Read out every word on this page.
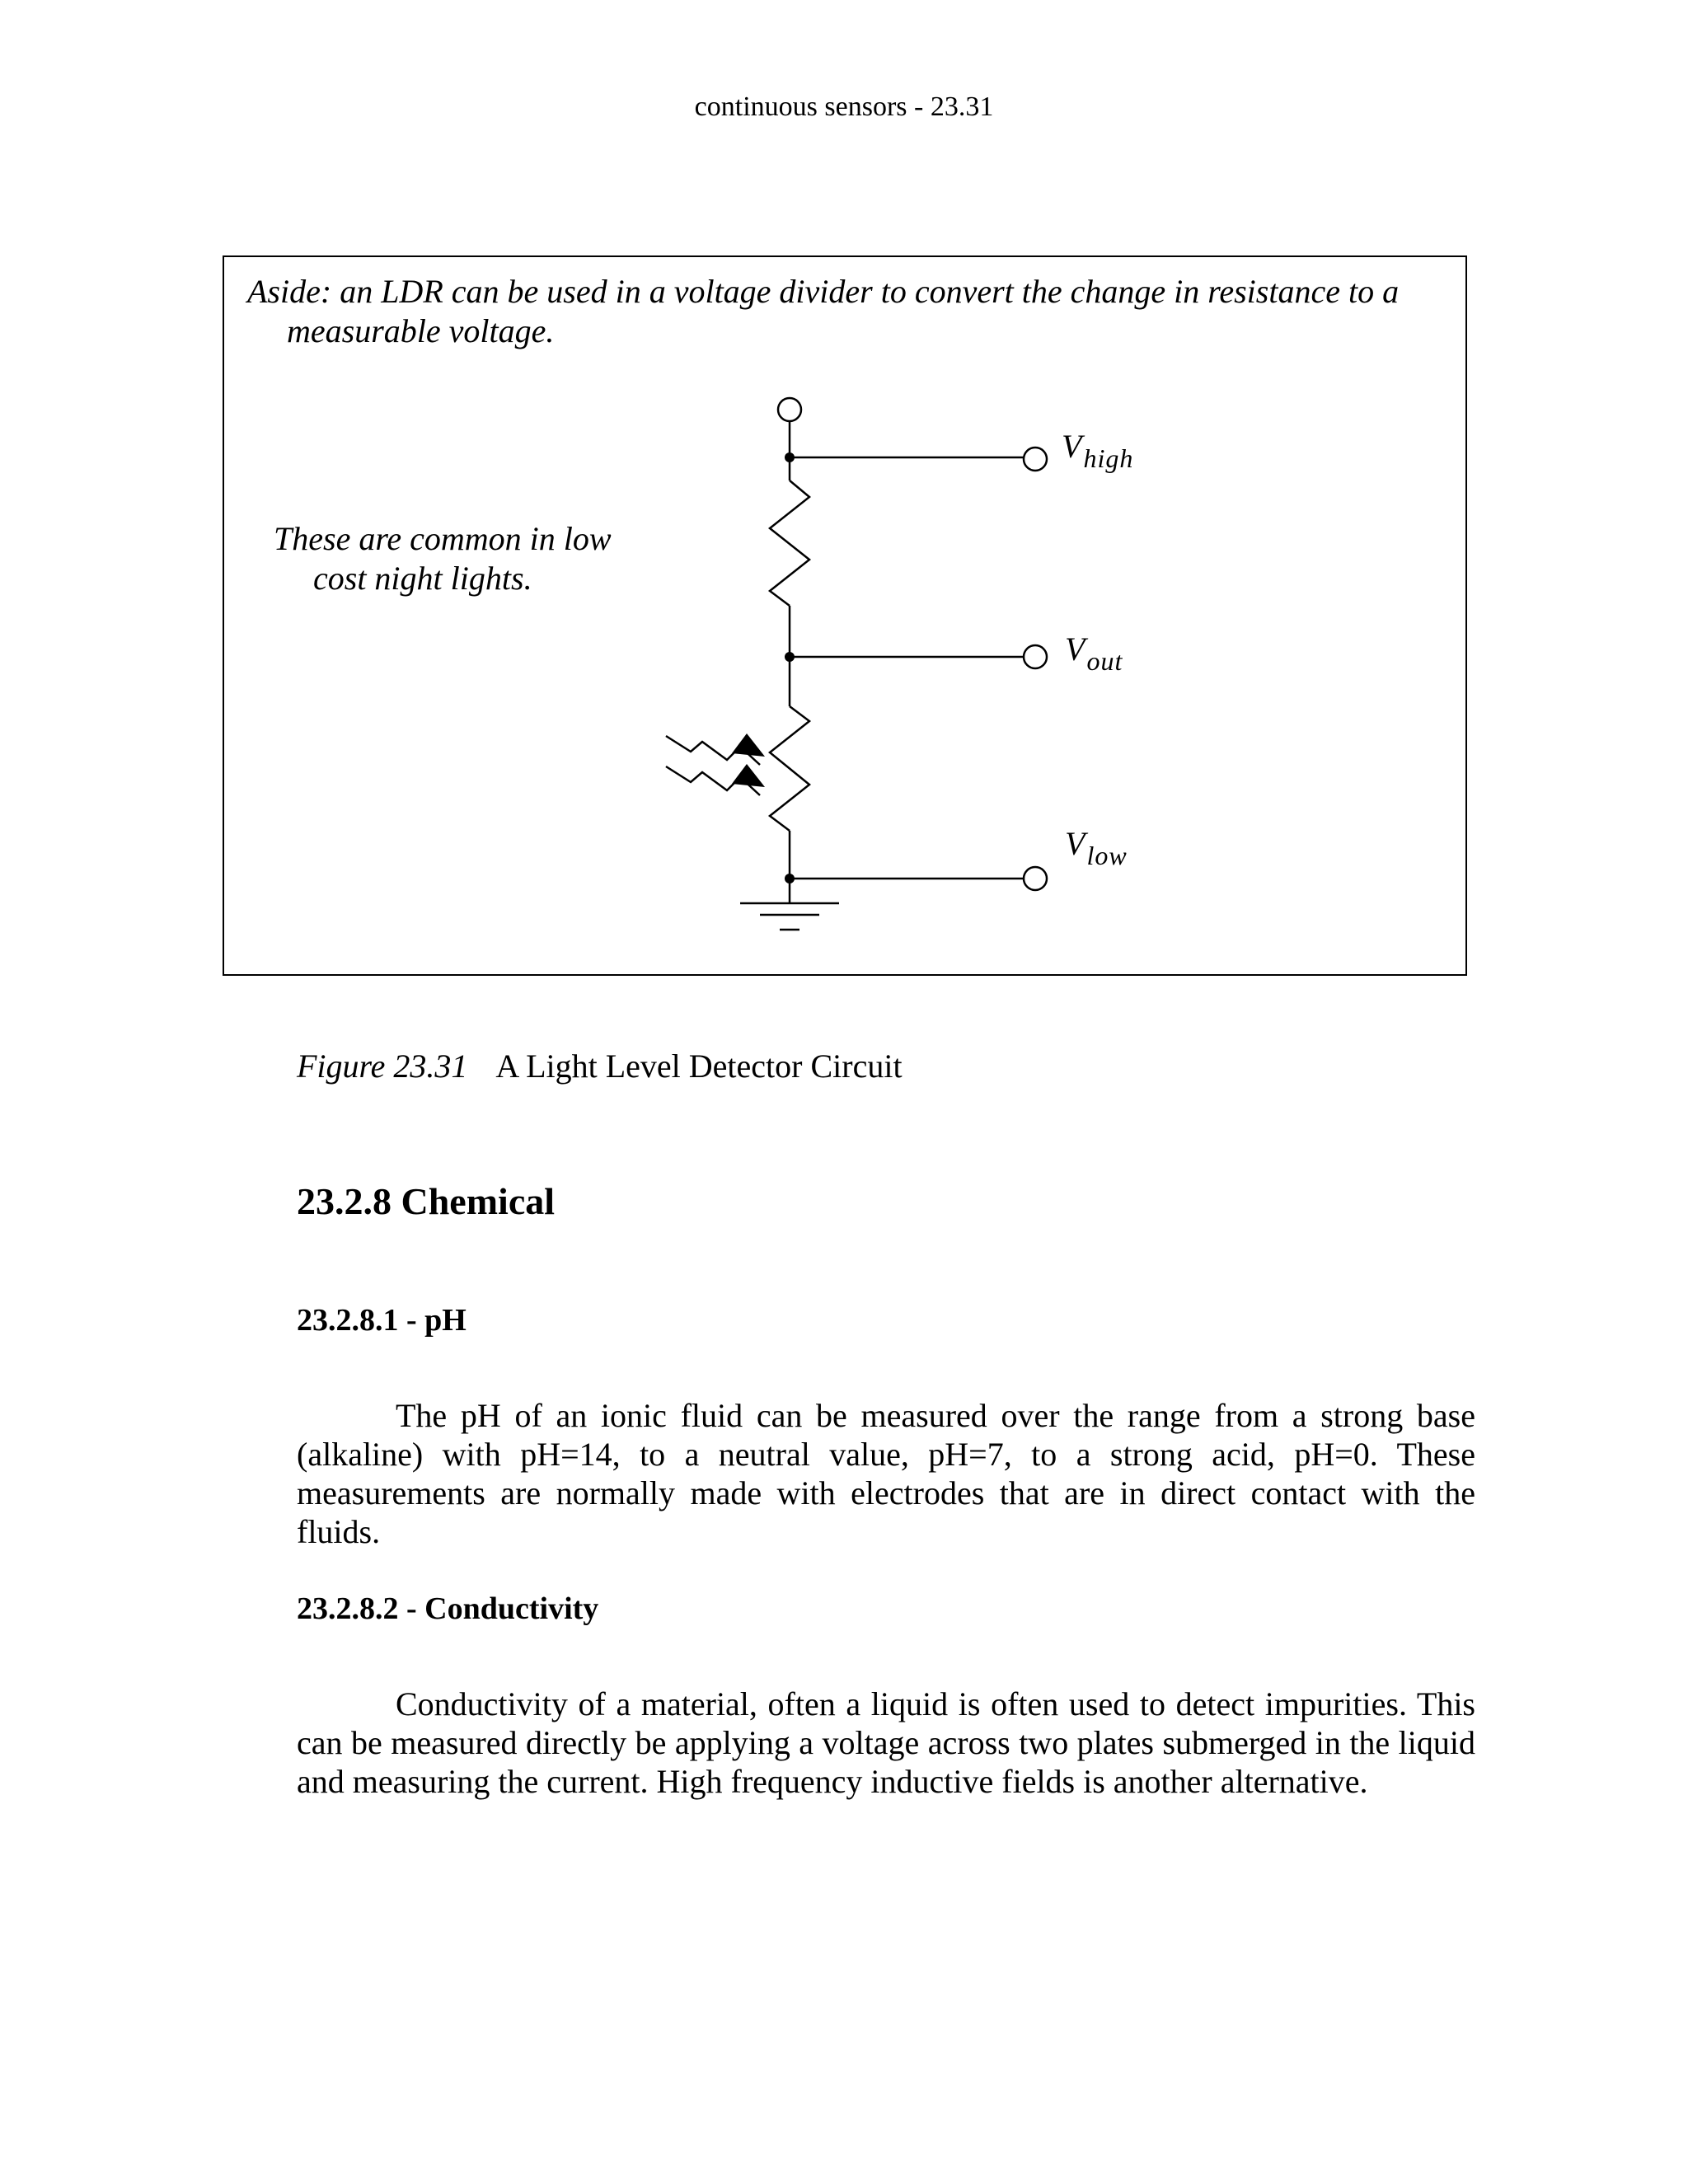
continuous sensors - 23.31
Aside: an LDR can be used in a voltage divider to convert the change in resistance to a measurable voltage.
These are common in low cost night lights.
$V_{high}$
$V_{out}$
$V_{low}$
Figure 23.31 A Light Level Detector Circuit
23.2.8 Chemical
23.2.8.1 - pH
The pH of an ionic fluid can be measured over the range from a strong base (alkaline) with pH=14, to a neutral value, pH=7, to a strong acid, pH=0. These measurements are normally made with electrodes that are in direct contact with the fluids.
23.2.8.2 - Conductivity
Conductivity of a material, often a liquid is often used to detect impurities. This can be measured directly be applying a voltage across two plates submerged in the liquid and measuring the current. High frequency inductive fields is another alternative.
